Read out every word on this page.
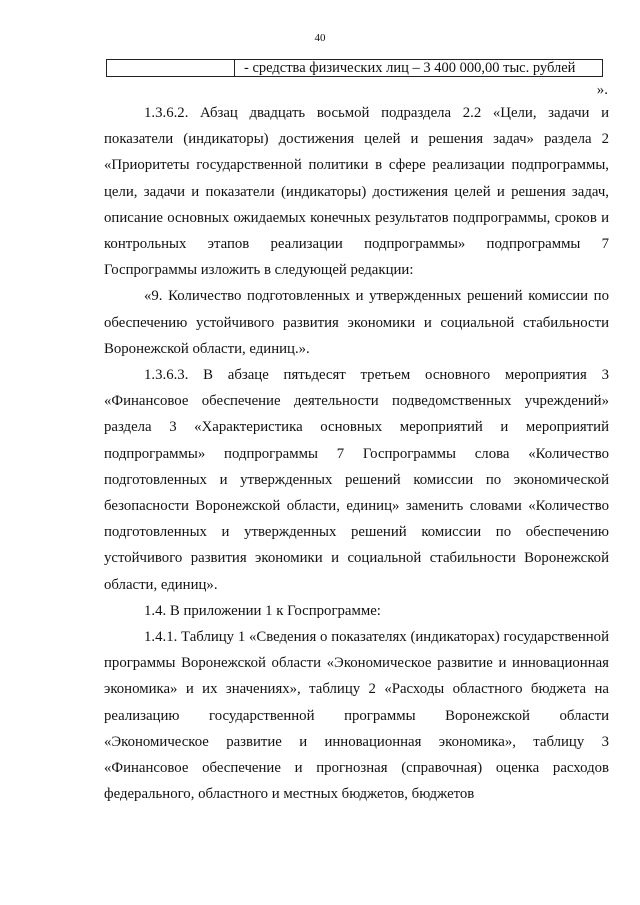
40
- средства физических лиц – 3 400 000,00 тыс. рублей
».

1.3.6.2. Абзац двадцать восьмой подраздела 2.2 «Цели, задачи и показатели (индикаторы) достижения целей и решения задач» раздела 2 «Приоритеты государственной политики в сфере реализации подпрограммы, цели, задачи и показатели (индикаторы) достижения целей и решения задач, описание основных ожидаемых конечных результатов подпрограммы, сроков и контрольных этапов реализации подпрограммы» подпрограммы 7 Госпрограммы изложить в следующей редакции:

«9. Количество подготовленных и утвержденных решений комиссии по обеспечению устойчивого развития экономики и социальной стабильности Воронежской области, единиц.».

1.3.6.3. В абзаце пятьдесят третьем основного мероприятия 3 «Финансовое обеспечение деятельности подведомственных учреждений» раздела 3 «Характеристика основных мероприятий и мероприятий подпрограммы» подпрограммы 7 Госпрограммы слова «Количество подготовленных и утвержденных решений комиссии по экономической безопасности Воронежской области, единиц» заменить словами «Количество подготовленных и утвержденных решений комиссии по обеспечению устойчивого развития экономики и социальной стабильности Воронежской области, единиц».

1.4. В приложении 1 к Госпрограмме:

1.4.1. Таблицу 1 «Сведения о показателях (индикаторах) государственной программы Воронежской области «Экономическое развитие и инновационная экономика» и их значениях», таблицу 2 «Расходы областного бюджета на реализацию государственной программы Воронежской области «Экономическое развитие и инновационная экономика», таблицу 3 «Финансовое обеспечение и прогнозная (справочная) оценка расходов федерального, областного и местных бюджетов, бюджетов
